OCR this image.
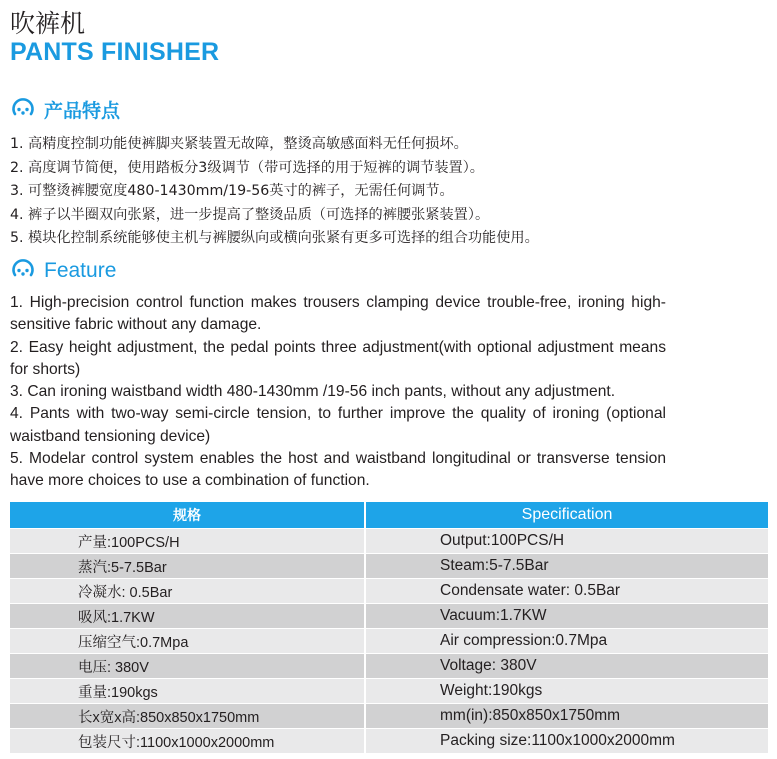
吹裤机
PANTS FINISHER
产品特点
1. 高精度控制功能使裤脚夹紧装置无故障，整烫高敏感面料无任何损坏。
2. 高度调节简便，使用踏板分3级调节（带可选择的用于短裤的调节装置）。
3. 可整烫裤腰宽度480-1430mm/19-56英寸的裤子，无需任何调节。
4. 裤子以半圈双向张紧，进一步提高了整烫品质（可选择的裤腰张紧装置）。
5. 模块化控制系统能够使主机与裤腰纵向或横向张紧有更多可选择的组合功能使用。
Feature

1. High-precision control function makes trousers clamping device trouble-free, ironing high-sensitive fabric without any damage.

2. Easy height adjustment, the pedal points three adjustment(with optional adjustment means for shorts)

3. Can ironing waistband width 480-1430mm /19-56 inch pants, without any adjustment.

4. Pants with two-way semi-circle tension, to further improve the quality of ironing (optional waistband tensioning device)

5. Modelar control system enables the host and waistband longitudinal or transverse tension have more choices to use a combination of function.

规格	Specification
产量:100PCS/H	Output:100PCS/H
蒸汽:5-7.5Bar	Steam:5-7.5Bar
冷凝水: 0.5Bar	Condensate water: 0.5Bar
吸风:1.7KW	Vacuum:1.7KW
压缩空气:0.7Mpa	Air compression:0.7Mpa
电压: 380V	Voltage: 380V
重量:190kgs	Weight:190kgs
长x宽x高:850x850x1750mm	mm(in):850x850x1750mm
包装尺寸:1100x1000x2000mm	Packing size:1100x1000x2000mm
